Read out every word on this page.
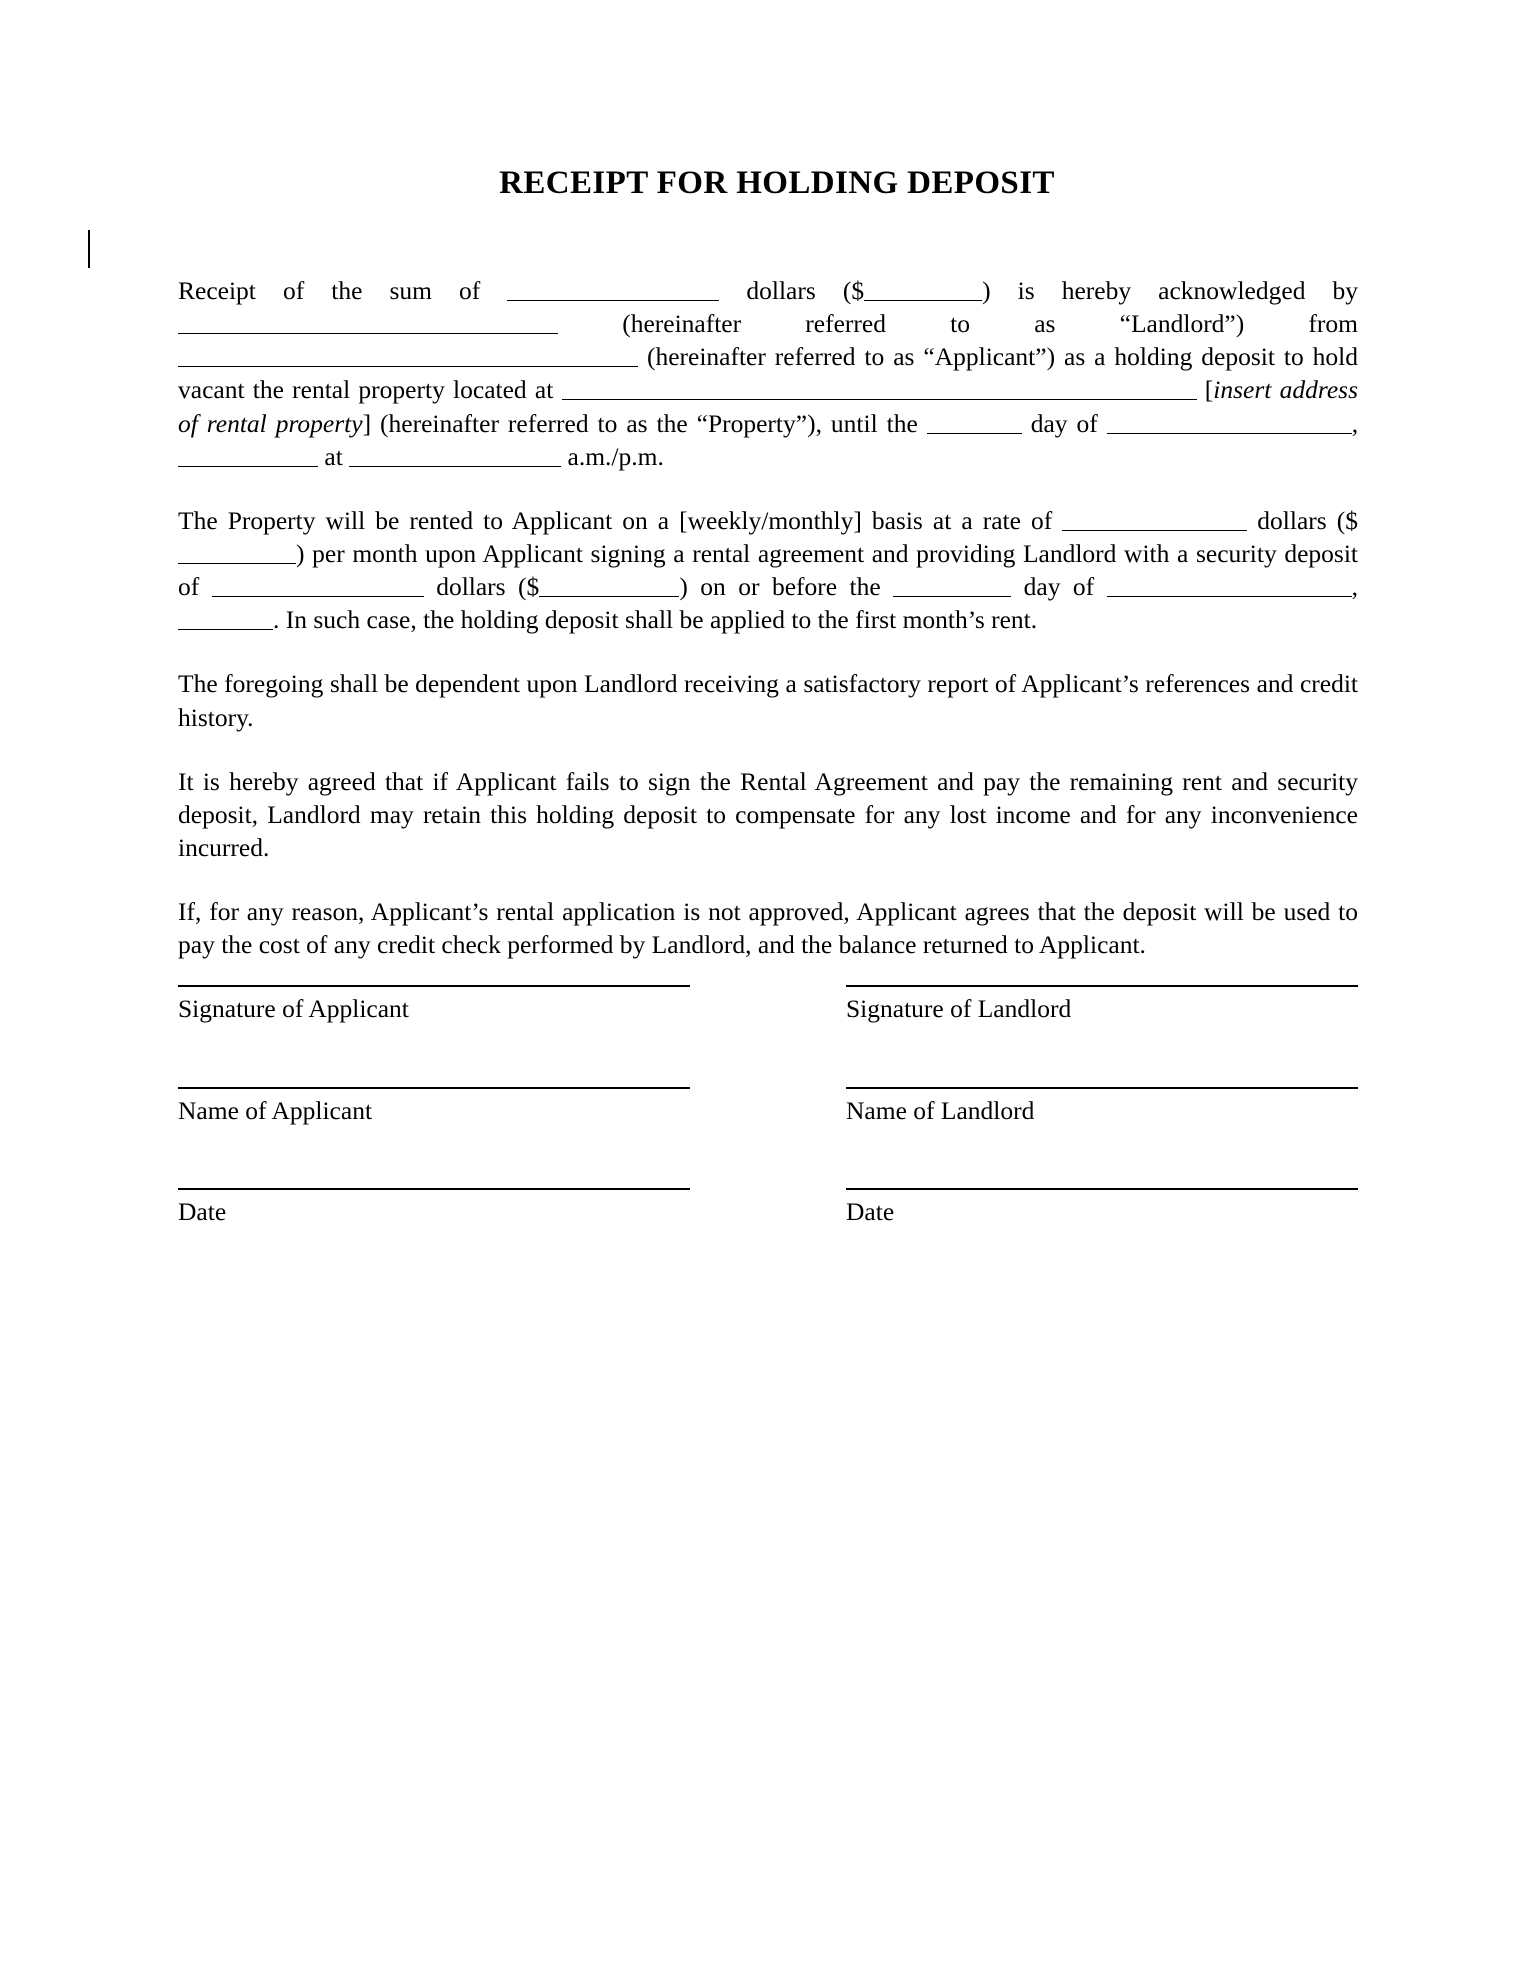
RECEIPT FOR HOLDING DEPOSIT

Receipt of the sum of	dollars ($	) is hereby acknowledged by  (hereinafter referred to as “Landlord”) from  (hereinafter referred to as “Applicant”) as a holding deposit to hold vacant the rental property located at	[insert address of rental property] (hereinafter referred to as the “Property”), until the	day of	,  at	a.m./p.m.

The Property will be rented to Applicant on a [weekly/monthly] basis at a rate of	dollars ($) per month upon Applicant signing a rental agreement and providing Landlord with a security deposit of	dollars ($	) on or before the	day of	, . In such case, the holding deposit shall be applied to the first month’s rent.

The foregoing shall be dependent upon Landlord receiving a satisfactory report of Applicant’s references and credit history.

It is hereby agreed that if Applicant fails to sign the Rental Agreement and pay the remaining rent and security deposit, Landlord may retain this holding deposit to compensate for any lost income and for any inconvenience incurred.

If, for any reason, Applicant’s rental application is not approved, Applicant agrees that the deposit will be used to pay the cost of any credit check performed by Landlord, and the balance returned to Applicant.

Signature of Applicant	Signature of Landlord
Name of Applicant	Name of Landlord
Date	Date
